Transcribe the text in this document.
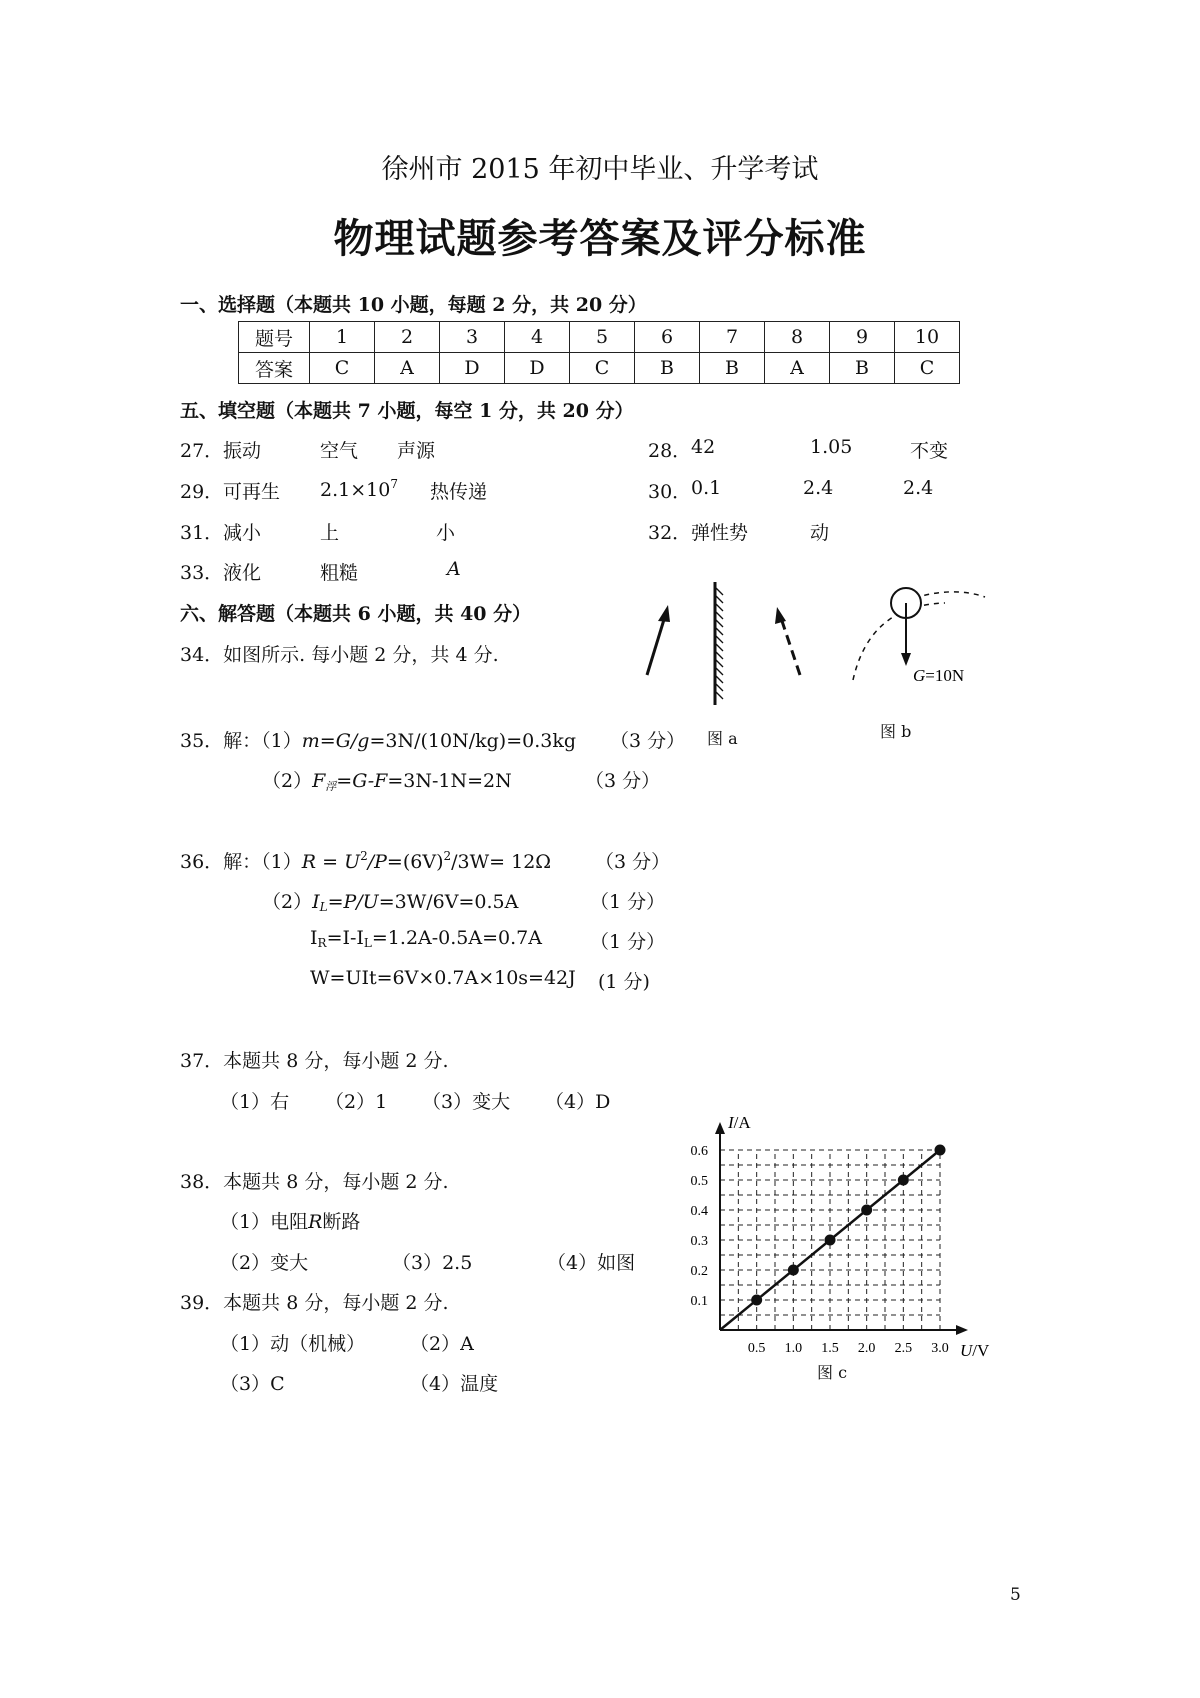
徐州市 2015 年初中毕业、升学考试
物理试题参考答案及评分标准
一、选择题（本题共 10 小题，每题 2 分，共 20 分）
题号	1	2	3	4	5	6	7	8	9	10
答案	C	A	D	D	C	B	B	A	B	C
五、填空题（本题共 7 小题，每空 1 分，共 20 分）
27． 振动	空气 声源	28． 42	1.05	不变
29． 可再生 $2.1\times 10^7$ 热传递	30． 0.1	2.4	2.4
31． 减小	上	小	32． 弹性势	动
33． 液化	粗糙	A
六、解答题（本题共 6 小题，共 40 分）
34．如图所示. 每小题 2 分，共 4 分.
G=10N
图 a	图 b
35．解：（1）m=G/g=3N/(10N/kg)=0.3kg （3 分）
$(2)F_浮=G-F=3N-1N=2N$	（3 分）
36．解：$(1)R = U^2/P=(6V)^2/3W= 12\Omega$ （3 分）
$(2)I_L=P/U=3W/6V=0.5A$	（1 分）
$I_R=I-I_L=1.2A-0.5A=0.7A$	（1 分）
W=UIt=6V×0.7A×10s=42J (1 分)
37．本题共 8 分，每小题 2 分.
（1）右 （2）1 （3）变大 （4）D
38．本题共 8 分，每小题 2 分.
（1）电阻R断路
（2）变大	（3）2.5	（4）如图
39．本题共 8 分，每小题 2 分.
（1）动（机械） （2）A
（3）C	（4）温度
0.5 1.0 1.5 2.0 2.5 3.0
0.1
0.2
0.3
0.4
0.5
0.6
U/V
I/A
图 c
5
